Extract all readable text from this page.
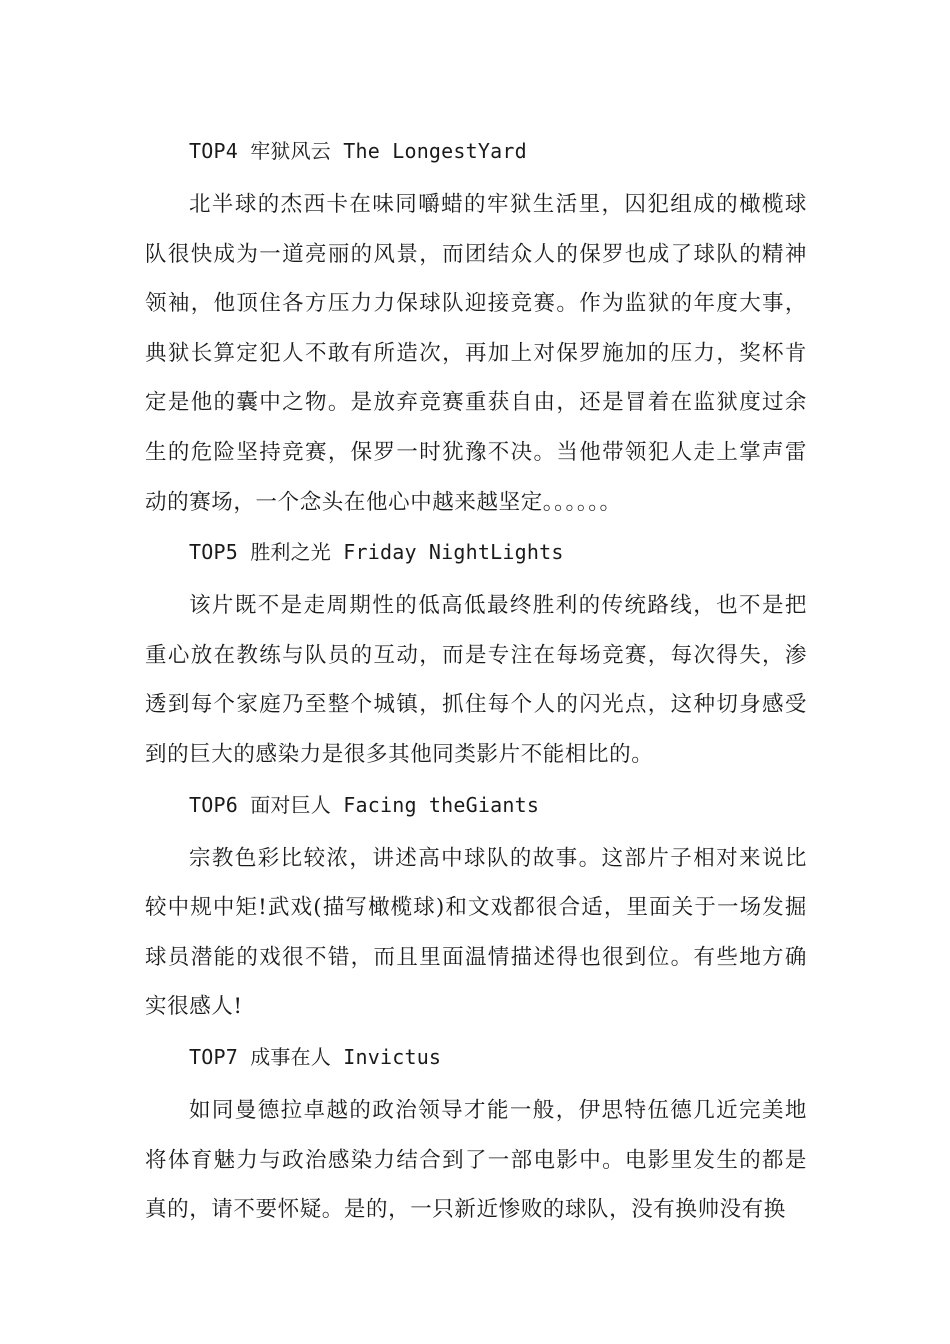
TOP4 牢狱风云 The LongestYard

北半球的杰西卡在味同嚼蜡的牢狱生活里，囚犯组成的橄榄球队很快成为一道亮丽的风景，而团结众人的保罗也成了球队的精神领袖，他顶住各方压力力保球队迎接竞赛。作为监狱的年度大事，典狱长算定犯人不敢有所造次，再加上对保罗施加的压力，奖杯肯定是他的囊中之物。是放弃竞赛重获自由，还是冒着在监狱度过余生的危险坚持竞赛，保罗一时犹豫不决。当他带领犯人走上掌声雷动的赛场，一个念头在他心中越来越坚定。。。。。。

TOP5 胜利之光 Friday NightLights

该片既不是走周期性的低高低最终胜利的传统路线，也不是把重心放在教练与队员的互动，而是专注在每场竞赛，每次得失，渗透到每个家庭乃至整个城镇，抓住每个人的闪光点，这种切身感受到的巨大的感染力是很多其他同类影片不能相比的。

TOP6 面对巨人 Facing theGiants

宗教色彩比较浓，讲述高中球队的故事。这部片子相对来说比较中规中矩!武戏(描写橄榄球)和文戏都很合适，里面关于一场发掘球员潜能的戏很不错，而且里面温情描述得也很到位。有些地方确实很感人!

TOP7 成事在人 Invictus

如同曼德拉卓越的政治领导才能一般，伊思特伍德几近完美地将体育魅力与政治感染力结合到了一部电影中。电影里发生的都是真的，请不要怀疑。是的，一只新近惨败的球队，没有换帅没有换
